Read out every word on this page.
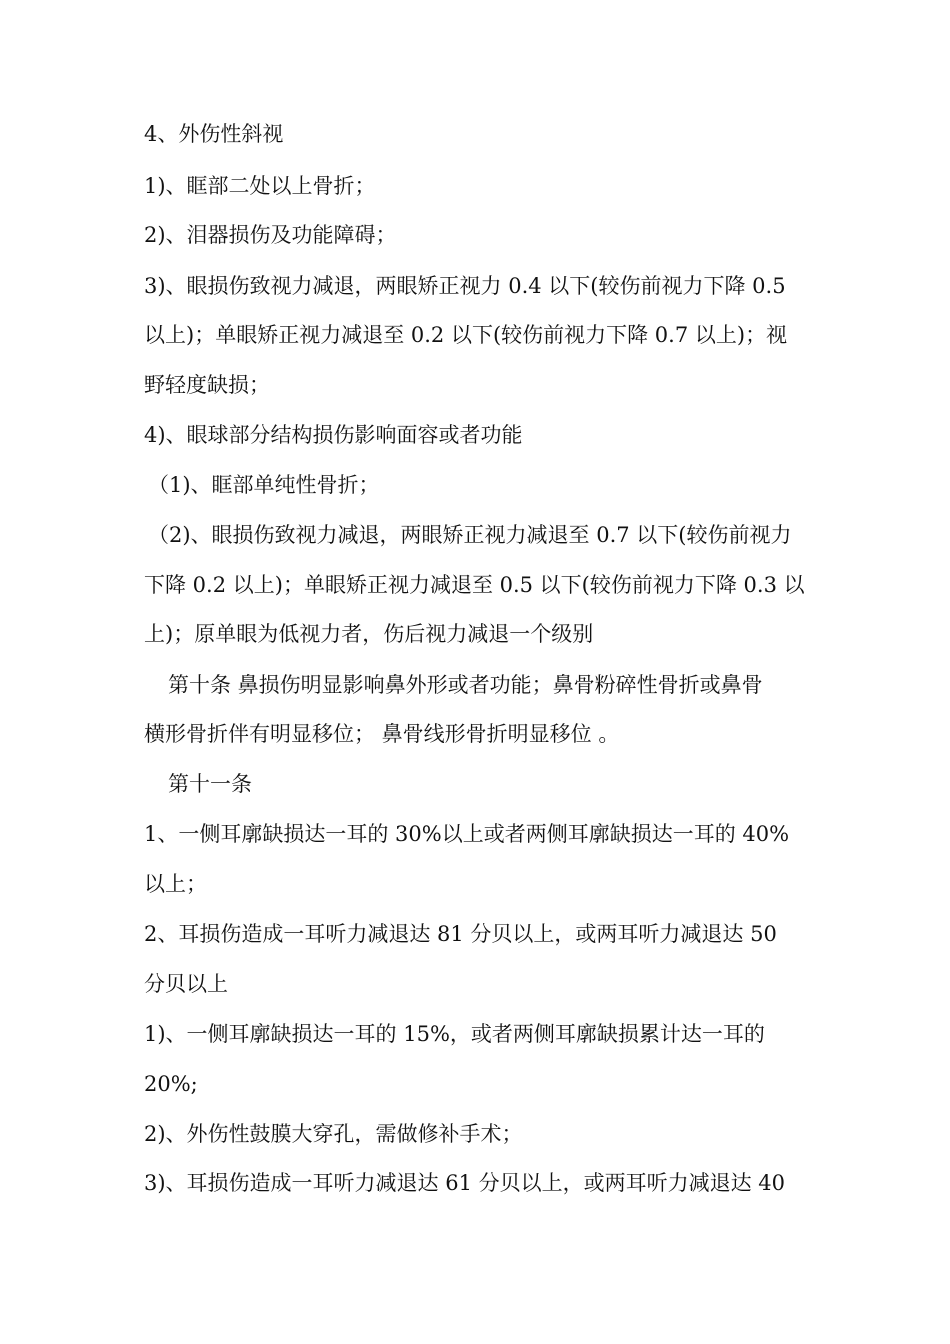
4、外伤性斜视
1)、眶部二处以上骨折；
2)、泪器损伤及功能障碍；
3)、眼损伤致视力减退，两眼矫正视力 0.4 以下(较伤前视力下降 0.5
以上)；单眼矫正视力减退至 0.2 以下(较伤前视力下降 0.7 以上)；视
野轻度缺损；
4)、眼球部分结构损伤影响面容或者功能
（1)、眶部单纯性骨折；
（2)、眼损伤致视力减退，两眼矫正视力减退至 0.7 以下(较伤前视力
下降 0.2 以上)；单眼矫正视力减退至 0.5 以下(较伤前视力下降 0.3 以
上)；原单眼为低视力者，伤后视力减退一个级别
第十条 鼻损伤明显影响鼻外形或者功能；鼻骨粉碎性骨折或鼻骨
横形骨折伴有明显移位； 鼻骨线形骨折明显移位 。
第十一条
1、一侧耳廓缺损达一耳的 30%以上或者两侧耳廓缺损达一耳的 40%
以上；
2、耳损伤造成一耳听力减退达 81 分贝以上，或两耳听力减退达 50
分贝以上
1)、一侧耳廓缺损达一耳的 15%，或者两侧耳廓缺损累计达一耳的
20%;
2)、外伤性鼓膜大穿孔，需做修补手术；
3)、耳损伤造成一耳听力减退达 61 分贝以上，或两耳听力减退达 40
